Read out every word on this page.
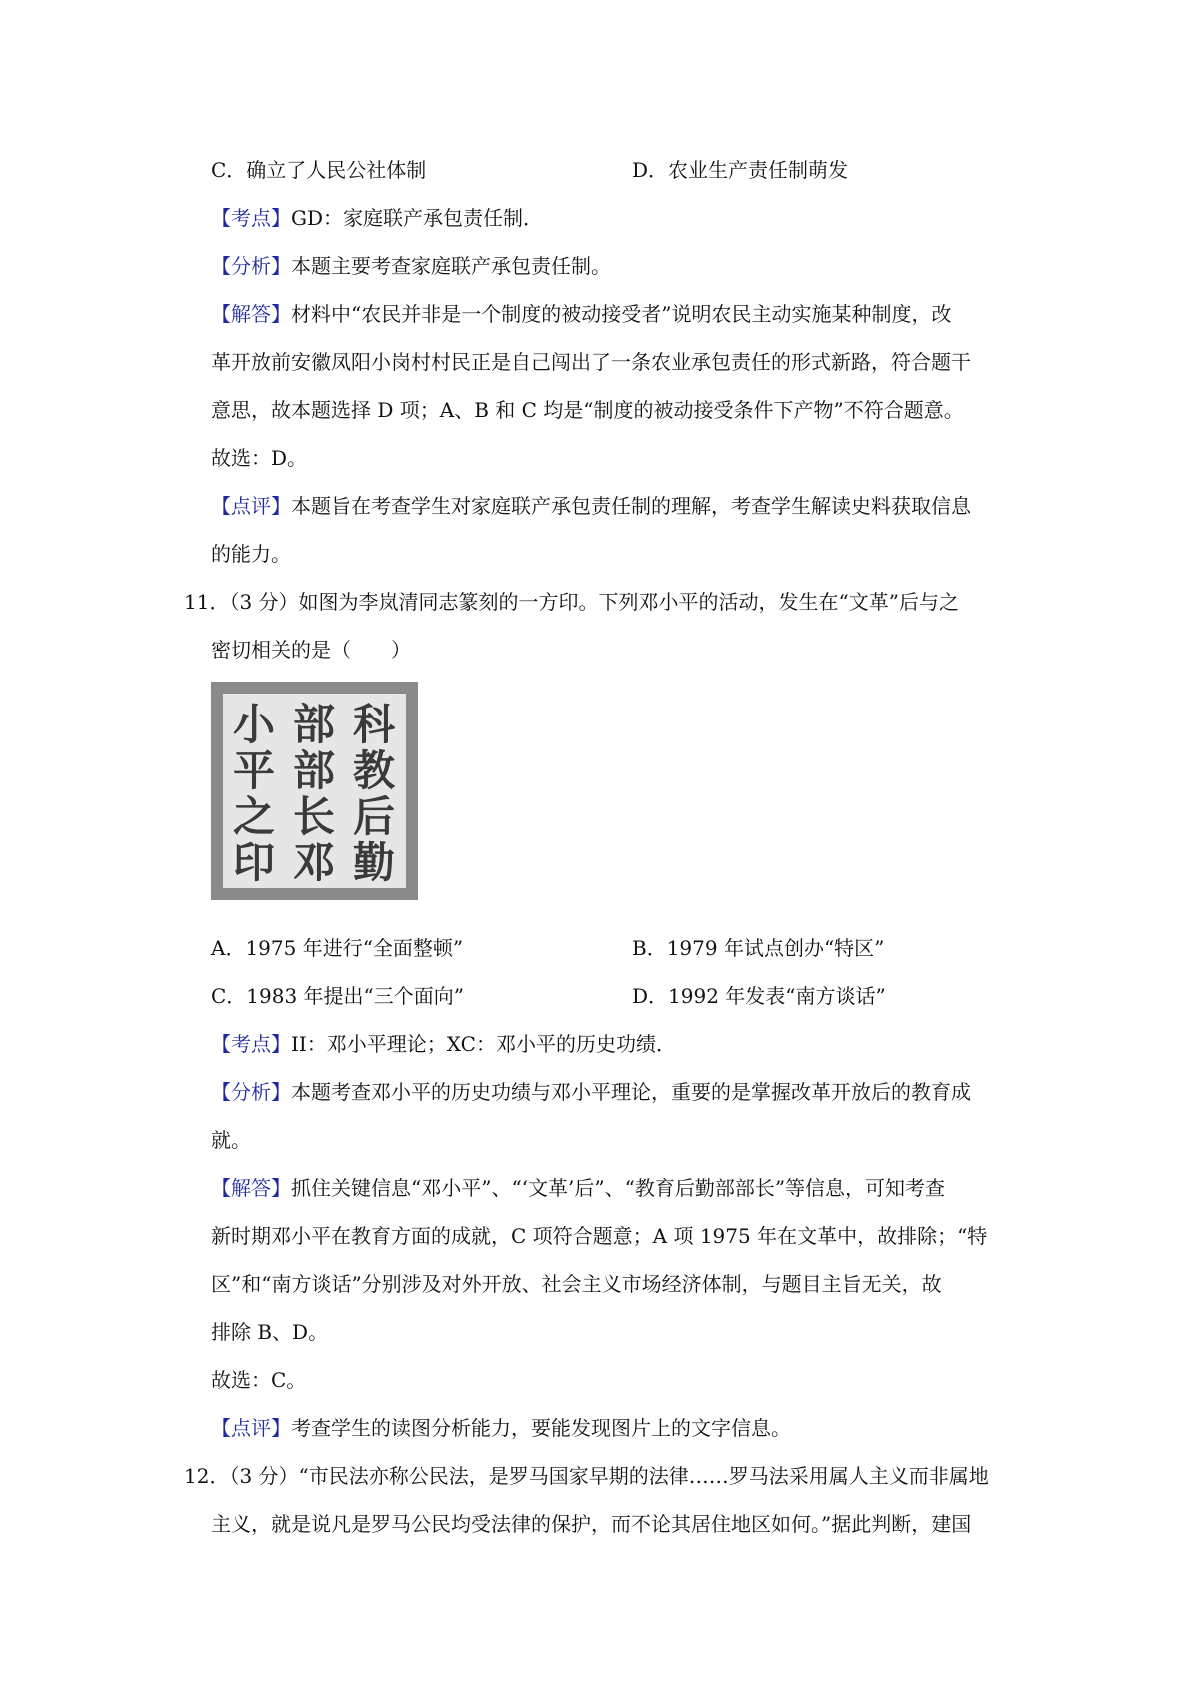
C．确立了人民公社体制	D．农业生产责任制萌发
【考点】GD：家庭联产承包责任制．
【分析】本题主要考查家庭联产承包责任制。
【解答】材料中“农民并非是一个制度的被动接受者”说明农民主动实施某种制度，改
革开放前安徽凤阳小岗村村民正是自己闯出了一条农业承包责任的形式新路，符合题干
意思，故本题选择 D 项；A、B 和 C 均是“制度的被动接受条件下产物”不符合题意。
故选：D。
【点评】本题旨在考查学生对家庭联产承包责任制的理解，考查学生解读史料获取信息
的能力。
11．（3 分）如图为李岚清同志篆刻的一方印。下列邓小平的活动，发生在“文革”后与之
密切相关的是（　　）
小
平
之
印
部
部
长
邓
科
教
后
勤
A．1975 年进行“全面整顿”	B．1979 年试点创办“特区”
C．1983 年提出“三个面向”	D．1992 年发表“南方谈话”
【考点】II：邓小平理论；XC：邓小平的历史功绩．
【分析】本题考查邓小平的历史功绩与邓小平理论，重要的是掌握改革开放后的教育成
就。
【解答】抓住关键信息“邓小平”、“‘文革’后”、“教育后勤部部长”等信息，可知考查
新时期邓小平在教育方面的成就，C 项符合题意；A 项 1975 年在文革中，故排除；“特
区”和“南方谈话”分别涉及对外开放、社会主义市场经济体制，与题目主旨无关，故
排除 B、D。
故选：C。
【点评】考查学生的读图分析能力，要能发现图片上的文字信息。
12．（3 分）“市民法亦称公民法，是罗马国家早期的法律……罗马法采用属人主义而非属地
主义，就是说凡是罗马公民均受法律的保护，而不论其居住地区如何。”据此判断，建国
